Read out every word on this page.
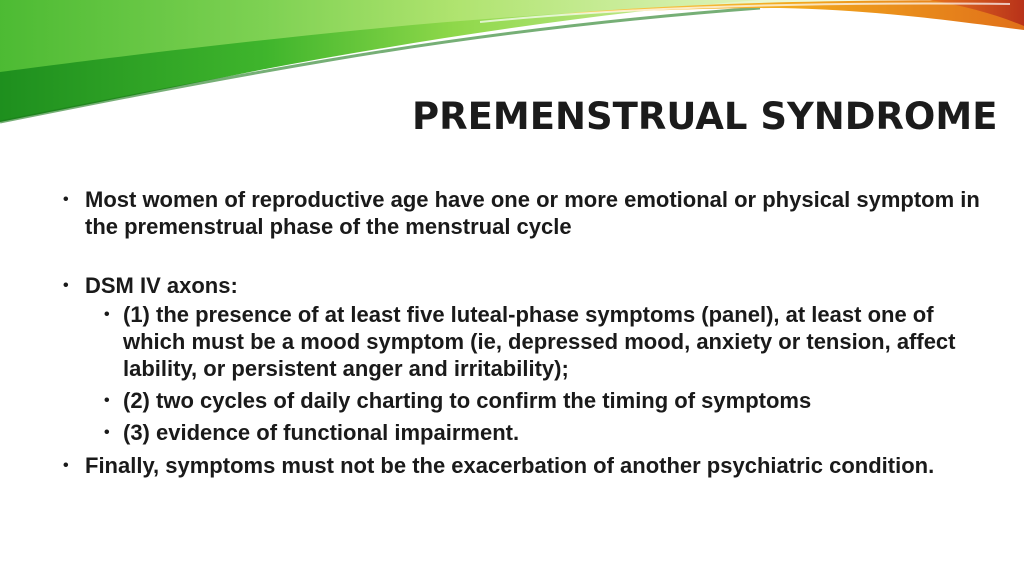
PREMENSTRUAL SYNDROME

• Most women of reproductive age have one or more emotional or physical symptom in the premenstrual phase of the menstrual cycle

• DSM IV axons:

• (1) the presence of at least five luteal-phase symptoms (panel), at least one of which must be a mood symptom (ie, depressed mood, anxiety or tension, affect lability, or persistent anger and irritability);

• (2) two cycles of daily charting to confirm the timing of symptoms

• (3) evidence of functional impairment.

• Finally, symptoms must not be the exacerbation of another psychiatric condition.
